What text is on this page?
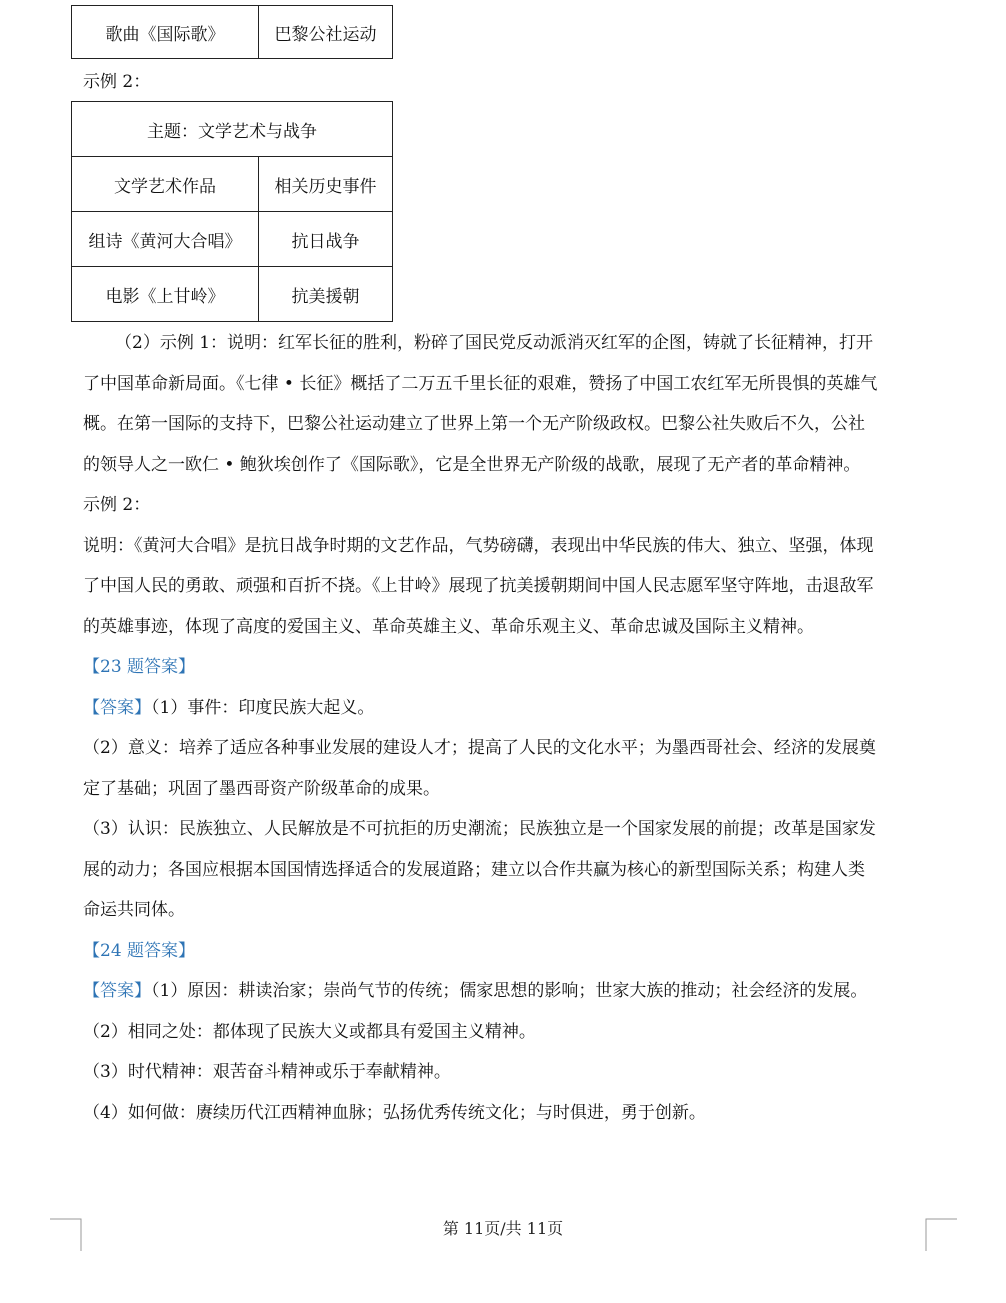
歌曲《国际歌》	巴黎公社运动
示例 2：
主题：文学艺术与战争	
文学艺术作品	相关历史事件
组诗《黄河大合唱》	抗日战争
电影《上甘岭》	抗美援朝
（2）示例 1：说明：红军长征的胜利，粉碎了国民党反动派消灭红军的企图，铸就了长征精神，打开
了中国革命新局面。《七律 • 长征》概括了二万五千里长征的艰难，赞扬了中国工农红军无所畏惧的英雄气
概。在第一国际的支持下，巴黎公社运动建立了世界上第一个无产阶级政权。巴黎公社失败后不久，公社
的领导人之一欧仁 • 鲍狄埃创作了《国际歌》，它是全世界无产阶级的战歌，展现了无产者的革命精神。
示例 2：
说明：《黄河大合唱》是抗日战争时期的文艺作品，气势磅礴，表现出中华民族的伟大、独立、坚强，体现
了中国人民的勇敢、顽强和百折不挠。《上甘岭》展现了抗美援朝期间中国人民志愿军坚守阵地，击退敌军
的英雄事迹，体现了高度的爱国主义、革命英雄主义、革命乐观主义、革命忠诚及国际主义精神。
【23 题答案】
【答案】（1）事件：印度民族大起义。
（2）意义：培养了适应各种事业发展的建设人才；提高了人民的文化水平；为墨西哥社会、经济的发展奠
定了基础；巩固了墨西哥资产阶级革命的成果。
（3）认识：民族独立、人民解放是不可抗拒的历史潮流；民族独立是一个国家发展的前提；改革是国家发
展的动力；各国应根据本国国情选择适合的发展道路；建立以合作共赢为核心的新型国际关系；构建人类
命运共同体。
【24 题答案】
【答案】（1）原因：耕读治家；崇尚气节的传统；儒家思想的影响；世家大族的推动；社会经济的发展。
（2）相同之处：都体现了民族大义或都具有爱国主义精神。
（3）时代精神：艰苦奋斗精神或乐于奉献精神。
（4）如何做：赓续历代江西精神血脉；弘扬优秀传统文化；与时俱进，勇于创新。
第 11页/共 11页
